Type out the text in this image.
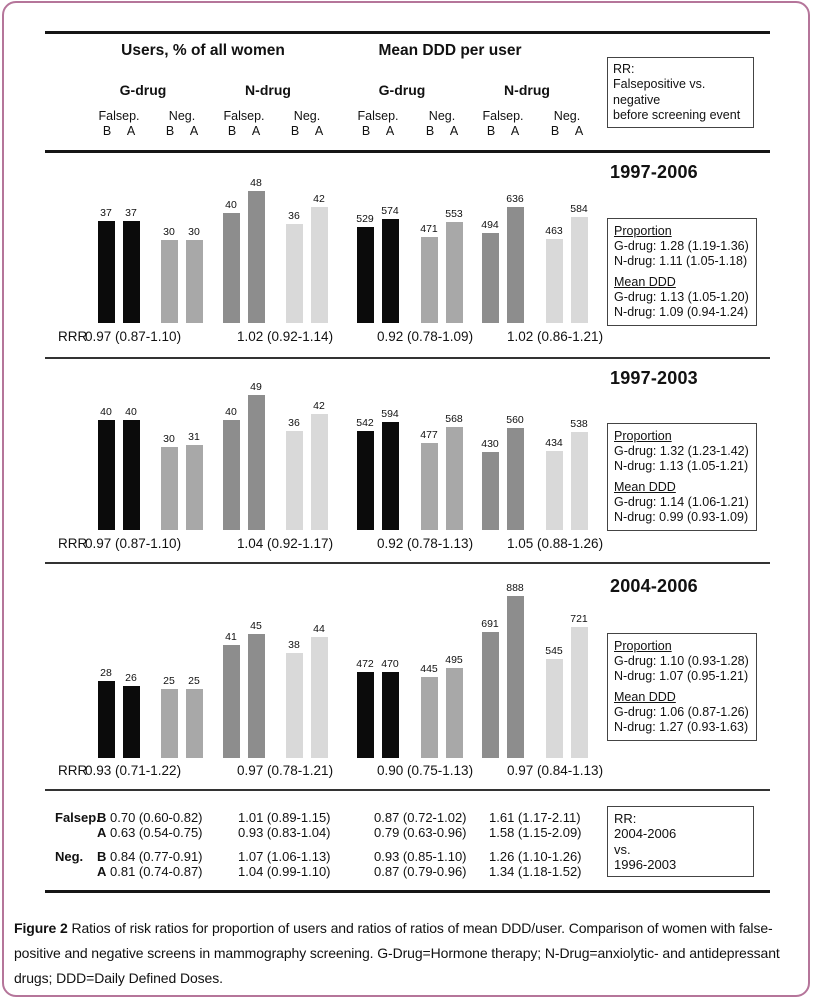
Users, % of all women	Mean DDD per user
G-drug	N-drug	G-drug	N-drug
RR:
Falsepositive vs. negative
before screening event
1997-2006
1997-2003
2004-2006
Proportion
G-drug: 1.28 (1.19-1.36)
N-drug: 1.11 (1.05-1.18)
Mean DDD
G-drug: 1.13 (1.05-1.20)
N-drug: 1.09 (0.94-1.24)
Proportion
G-drug: 1.32 (1.23-1.42)
N-drug: 1.13 (1.05-1.21)
Mean DDD
G-drug: 1.14 (1.06-1.21)
N-drug: 0.99 (0.93-1.09)
Proportion
G-drug: 1.10 (0.93-1.28)
N-drug: 1.07 (0.95-1.21)
Mean DDD
G-drug: 1.06 (0.87-1.26)
N-drug: 1.27 (0.93-1.63)
RR:
2004-2006
vs.
1996-2003
Falsep.
B	A
Neg.
B	A
Falsep.
B	A
Neg.
B	A
Falsep.
B	A
Neg.
B	A
Falsep.
B	A
Neg.
B	A
37	37
30	30
40
48
36
42
529
574
471
553
494
636
463
584
RRR
0.97 (0.87-1.10)	1.02 (0.92-1.14)	0.92 (0.78-1.09)	1.02 (0.86-1.21)
40	40
30	31
40
49
36
42
542
594
477
568
430
560
434
538
RRR
0.97 (0.87-1.10)	1.04 (0.92-1.17)	0.92 (0.78-1.13)	1.05 (0.88-1.26)
28	26	25	25
41
45
38
44
472 470	445
495
691
888
545
721
RRR
0.93 (0.71-1.22)	0.97 (0.78-1.21)	0.90 (0.75-1.13)	0.97 (0.84-1.13)
Falsep.
B 0.70 (0.60-0.82)	1.01 (0.89-1.15)	0.87 (0.72-1.02) 1.61 (1.17-2.11)
A 0.63 (0.54-0.75)	0.93 (0.83-1.04)	0.79 (0.63-0.96) 1.58 (1.15-2.09)
Neg. B 0.84 (0.77-0.91)	1.07 (1.06-1.13)	0.93 (0.85-1.10) 1.26 (1.10-1.26)
A 0.81 (0.74-0.87)	1.04 (0.99-1.10)	0.87 (0.79-0.96) 1.34 (1.18-1.52)
Figure 2 Ratios of risk ratios for proportion of users and ratios of ratios of mean DDD/user. Comparison of women with false-positive and negative screens in mammography screening. G-Drug=Hormone therapy; N-Drug=anxiolytic- and antidepressant drugs; DDD=Daily Defined Doses.
